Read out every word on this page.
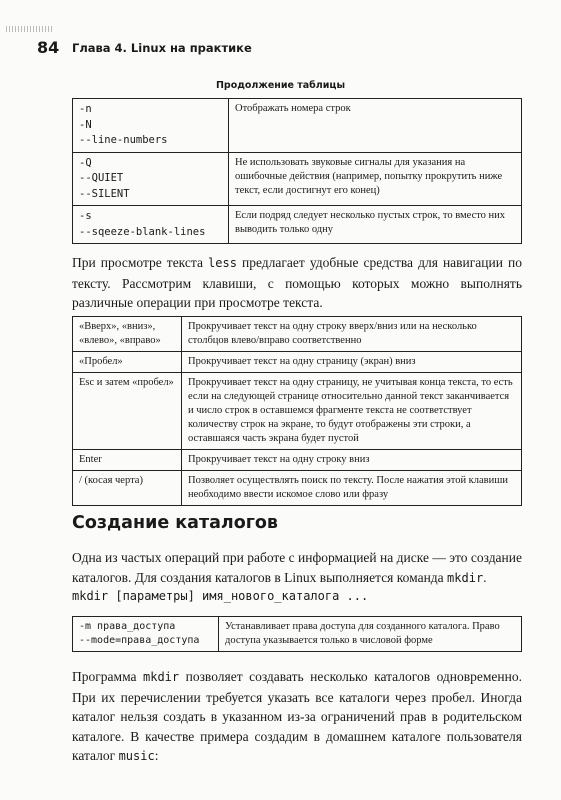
84 Глава 4. Linux на практике
Продолжение таблицы
-n
-N
--line-numbers	Отображать номера строк

-Q
--QUIET
--SILENT	Не использовать звуковые сигналы для указания на ошибочные действия (например, попытку прокрутить ниже текст, если достигнут его конец)

-s
--sqeeze-blank-lines	Если подряд следует несколько пустых строк, то вместо них выводить только одну
При просмотре текста less предлагает удобные средства для навигации по тексту. Рассмотрим клавиши, с помощью которых можно выполнять различные операции при просмотре текста.
«Вверх», «вниз», «влево», «вправо»	Прокручивает текст на одну строку вверх/вниз или на несколько столбцов влево/вправо соответственно
«Пробел»	Прокручивает текст на одну страницу (экран) вниз
Esc и затем «пробел»	Прокручивает текст на одну страницу, не учитывая конца текста, то есть если на следующей странице относительно данной текст заканчивается и число строк в оставшемся фрагменте текста не соответствует количеству строк на экране, то будут отображены эти строки, а оставшаяся часть экрана будет пустой
Enter	Прокручивает текст на одну строку вниз
/ (косая черта)	Позволяет осуществлять поиск по тексту. После нажатия этой клавиши необходимо ввести искомое слово или фразу
Создание каталогов
Одна из частых операций при работе с информацией на диске — это создание каталогов. Для создания каталогов в Linux выполняется команда mkdir.
mkdir [параметры] имя_нового_каталога ...
-m права_доступа
--mode=права_доступа
	Устанавливает права доступа для созданного каталога. Право доступа указывается только в числовой форме
Программа mkdir позволяет создавать несколько каталогов одновременно. При их перечислении требуется указать все каталоги через пробел. Иногда каталог нельзя создать в указанном из-за ограничений прав в родительском каталоге. В качестве примера создадим в домашнем каталоге пользователя каталог music:
